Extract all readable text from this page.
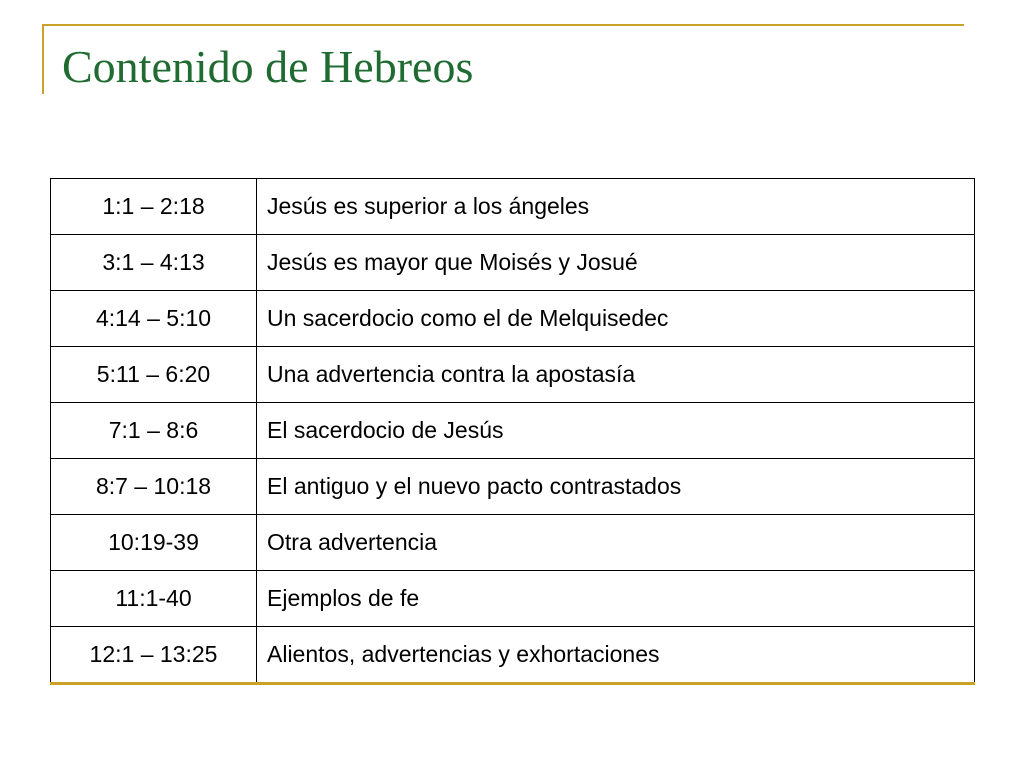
Contenido de Hebreos
1:1 – 2:18	Jesús es superior a los ángeles
3:1 – 4:13	Jesús es mayor que Moisés y Josué
4:14 – 5:10	Un sacerdocio como el de Melquisedec
5:11 – 6:20	Una advertencia contra la apostasía
7:1 – 8:6	El sacerdocio de Jesús
8:7 – 10:18	El antiguo y el nuevo pacto contrastados
10:19-39	Otra advertencia
11:1-40	Ejemplos de fe
12:1 – 13:25	Alientos, advertencias y exhortaciones
